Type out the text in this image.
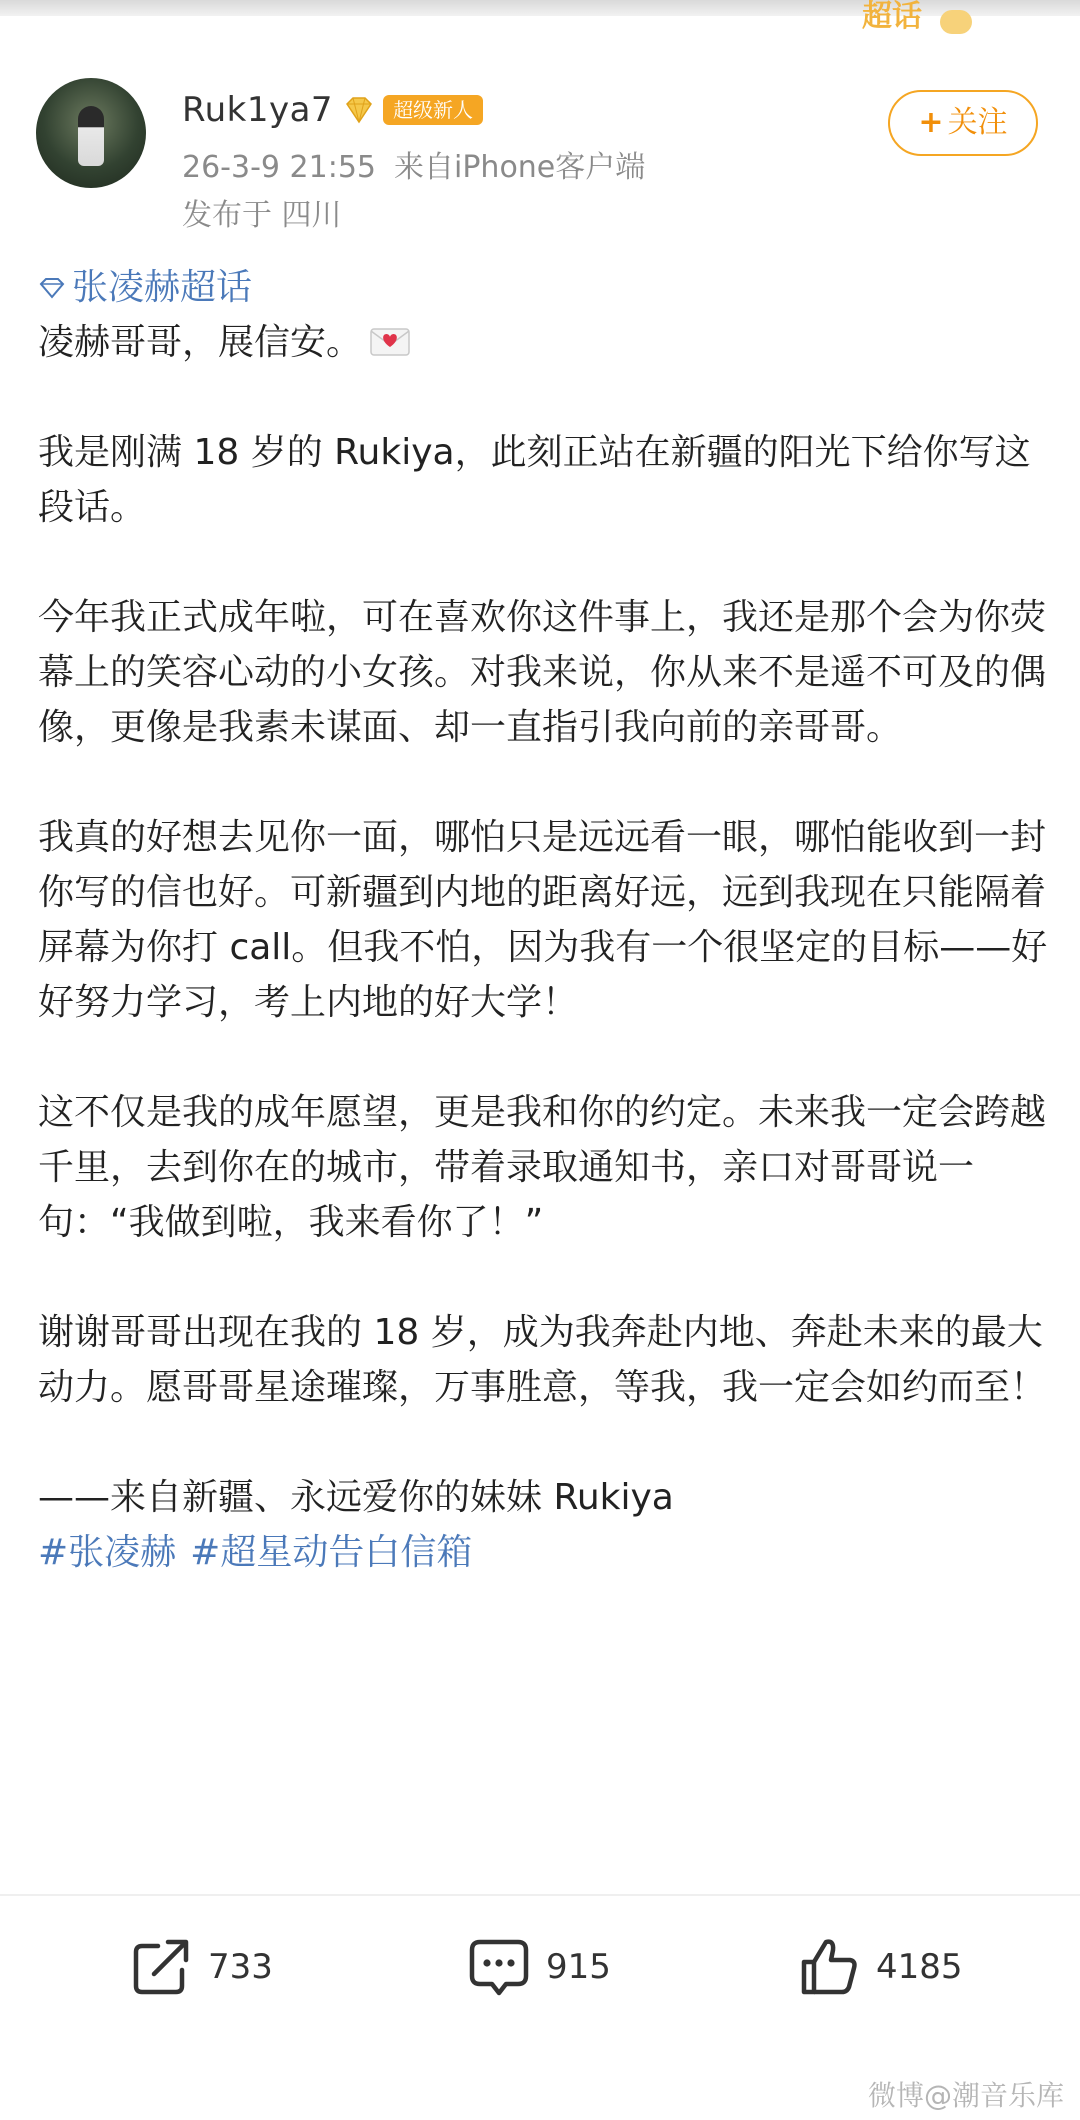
超话
Ruk1ya7	超级新人
26-3-9 21:55 来自iPhone客户端
发布于 四川
+ 关注
张凌赫超话

凌赫哥哥，展信安。

我是刚满 18 岁的 Rukiya，此刻正站在新疆的阳光下给你写这段话。

今年我正式成年啦，可在喜欢你这件事上，我还是那个会为你荧幕上的笑容心动的小女孩。对我来说，你从来不是遥不可及的偶像，更像是我素未谋面、却一直指引我向前的亲哥哥。

我真的好想去见你一面，哪怕只是远远看一眼，哪怕能收到一封你写的信也好。可新疆到内地的距离好远，远到我现在只能隔着屏幕为你打 call。但我不怕，因为我有一个很坚定的目标——好好努力学习，考上内地的好大学！

这不仅是我的成年愿望，更是我和你的约定。未来我一定会跨越千里，去到你在的城市，带着录取通知书，亲口对哥哥说一句：“我做到啦，我来看你了！”

谢谢哥哥出现在我的 18 岁，成为我奔赴内地、奔赴未来的最大动力。愿哥哥星途璀璨，万事胜意，等我，我一定会如约而至！

——来自新疆、永远爱你的妹妹 Rukiya

#张凌赫 #超星动告白信箱
733	915	4185
微博@潮音乐库
